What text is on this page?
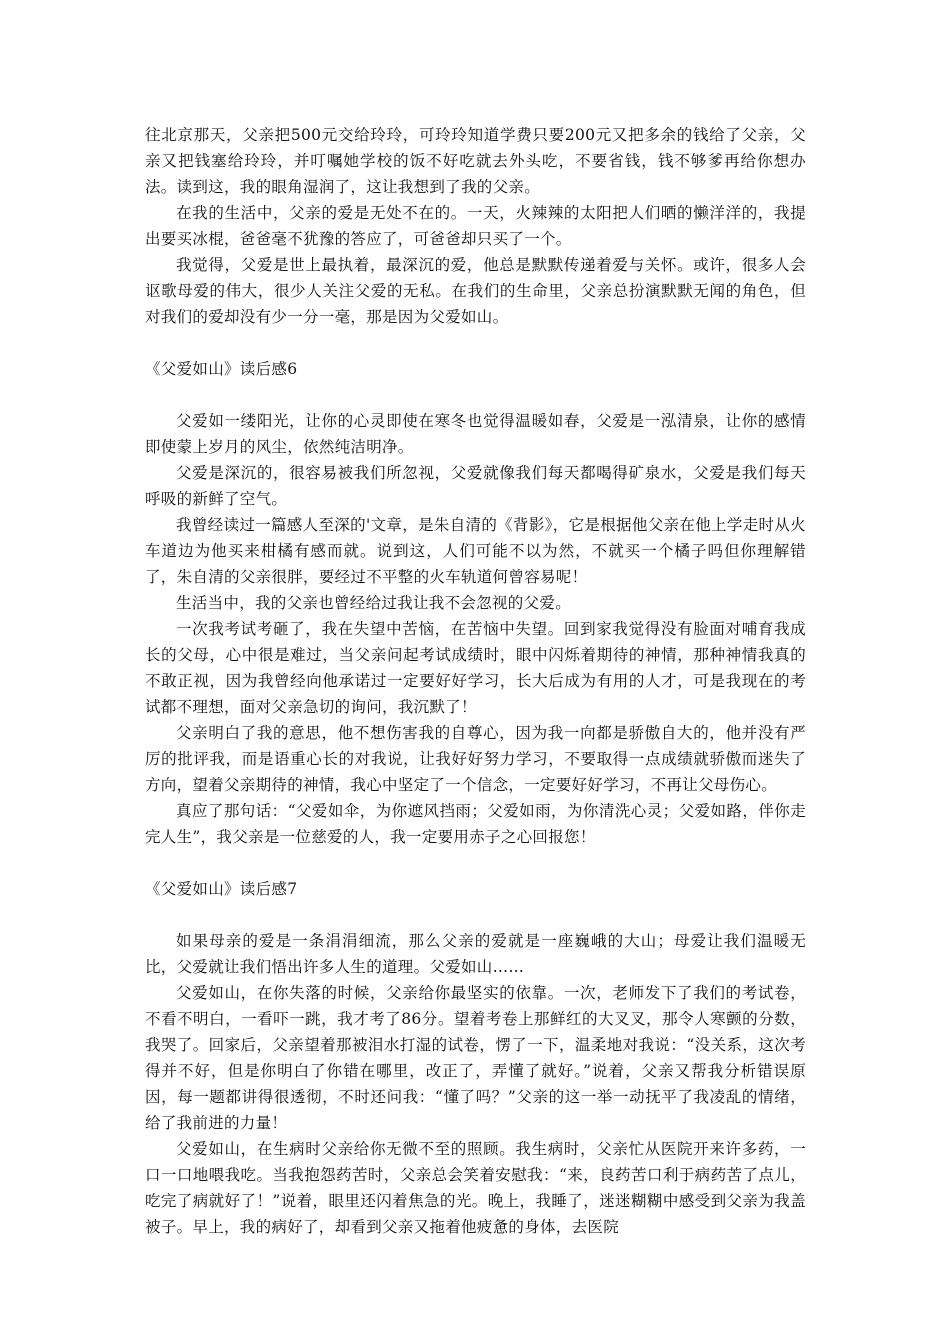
往北京那天，父亲把500元交给玲玲，可玲玲知道学费只要200元又把多余的钱给了父亲，父亲又把钱塞给玲玲，并叮嘱她学校的饭不好吃就去外头吃，不要省钱，钱不够爹再给你想办法。读到这，我的眼角湿润了，这让我想到了我的父亲。

在我的生活中，父亲的爱是无处不在的。一天，火辣辣的太阳把人们晒的懒洋洋的，我提出要买冰棍，爸爸毫不犹豫的答应了，可爸爸却只买了一个。

我觉得，父爱是世上最执着，最深沉的爱，他总是默默传递着爱与关怀。或许，很多人会讴歌母爱的伟大，很少人关注父爱的无私。在我们的生命里，父亲总扮演默默无闻的角色，但对我们的爱却没有少一分一毫，那是因为父爱如山。

《父爱如山》读后感6

父爱如一缕阳光，让你的心灵即使在寒冬也觉得温暖如春，父爱是一泓清泉，让你的感情即使蒙上岁月的风尘，依然纯洁明净。

父爱是深沉的，很容易被我们所忽视，父爱就像我们每天都喝得矿泉水，父爱是我们每天呼吸的新鲜了空气。

我曾经读过一篇感人至深的'文章，是朱自清的《背影》，它是根据他父亲在他上学走时从火车道边为他买来柑橘有感而就。说到这，人们可能不以为然，不就买一个橘子吗但你理解错了，朱自清的父亲很胖，要经过不平整的火车轨道何曾容易呢！

生活当中，我的父亲也曾经给过我让我不会忽视的父爱。

一次我考试考砸了，我在失望中苦恼，在苦恼中失望。回到家我觉得没有脸面对哺育我成长的父母，心中很是难过，当父亲问起考试成绩时，眼中闪烁着期待的神情，那种神情我真的不敢正视，因为我曾经向他承诺过一定要好好学习，长大后成为有用的人才，可是我现在的考试都不理想，面对父亲急切的询问，我沉默了！

父亲明白了我的意思，他不想伤害我的自尊心，因为我一向都是骄傲自大的，他并没有严厉的批评我，而是语重心长的对我说，让我好好努力学习，不要取得一点成绩就骄傲而迷失了方向，望着父亲期待的神情，我心中坚定了一个信念，一定要好好学习，不再让父母伤心。

真应了那句话：“父爱如伞，为你遮风挡雨；父爱如雨，为你清洗心灵；父爱如路，伴你走完人生”，我父亲是一位慈爱的人，我一定要用赤子之心回报您！

《父爱如山》读后感7

如果母亲的爱是一条涓涓细流，那么父亲的爱就是一座巍峨的大山；母爱让我们温暖无比，父爱就让我们悟出许多人生的道理。父爱如山……

父爱如山，在你失落的时候，父亲给你最坚实的依靠。一次，老师发下了我们的考试卷，不看不明白，一看吓一跳，我才考了86分。望着考卷上那鲜红的大叉叉，那令人寒颤的分数，我哭了。回家后，父亲望着那被泪水打湿的试卷，愣了一下，温柔地对我说：“没关系，这次考得并不好，但是你明白了你错在哪里，改正了，弄懂了就好。”说着，父亲又帮我分析错误原因，每一题都讲得很透彻，不时还问我：“懂了吗？”父亲的这一举一动抚平了我凌乱的情绪，给了我前进的力量！

父爱如山，在生病时父亲给你无微不至的照顾。我生病时，父亲忙从医院开来许多药，一口一口地喂我吃。当我抱怨药苦时，父亲总会笑着安慰我：“来，良药苦口利于病药苦了点儿，吃完了病就好了！”说着，眼里还闪着焦急的光。晚上，我睡了，迷迷糊糊中感受到父亲为我盖被子。早上，我的病好了，却看到父亲又拖着他疲惫的身体，去医院
